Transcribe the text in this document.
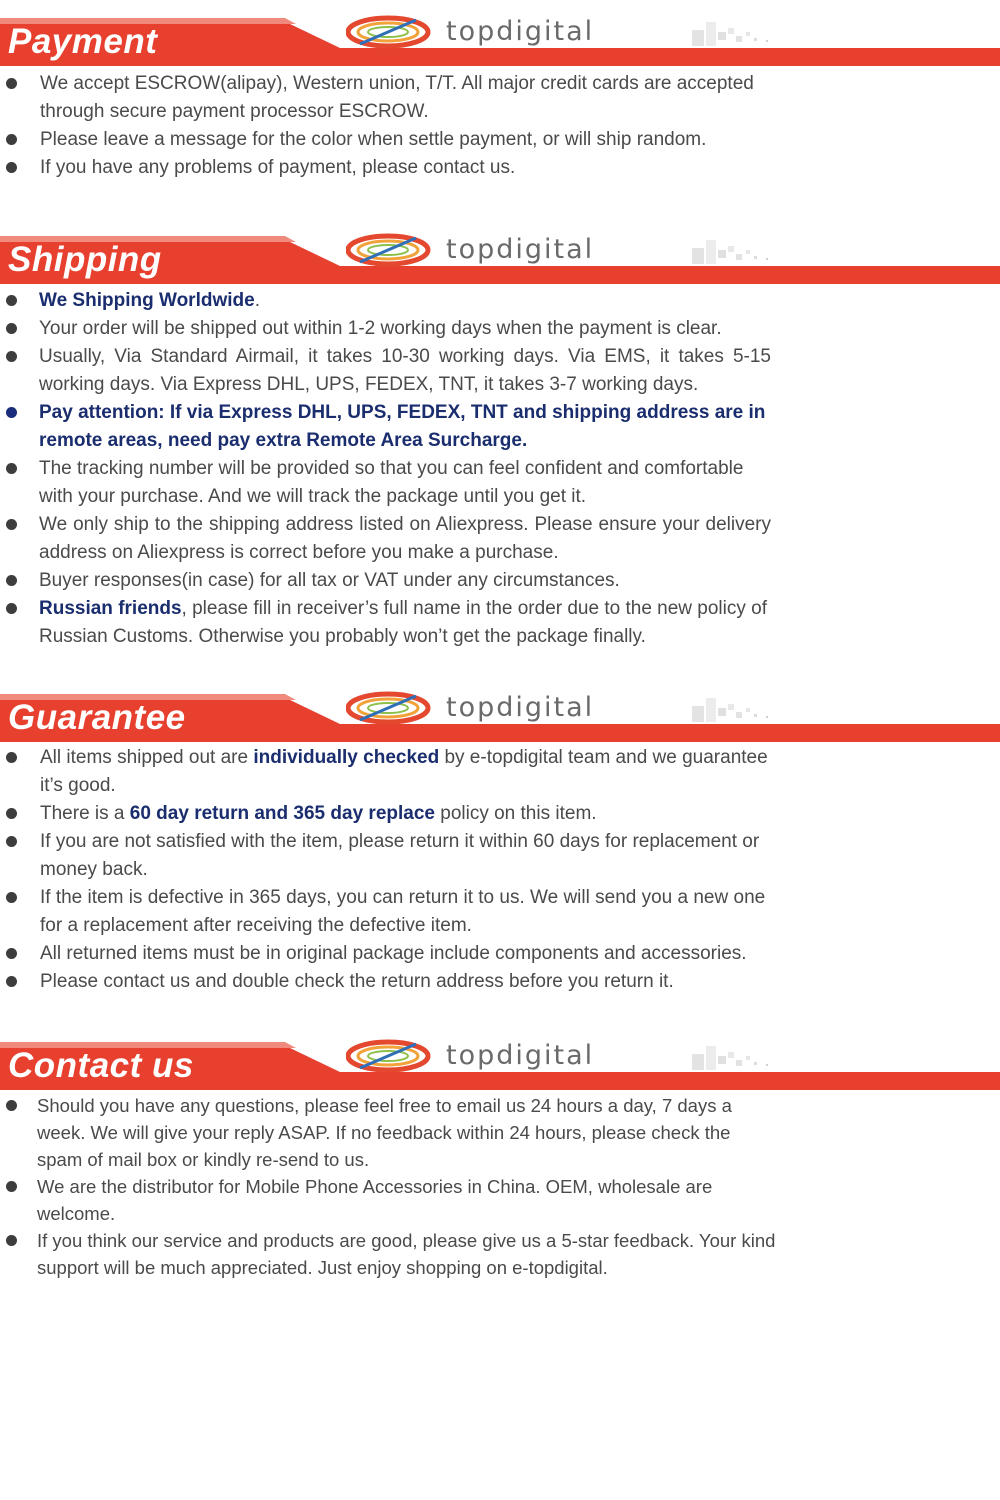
Payment	topdigital
We accept ESCROW(alipay), Western union, T/T. All major credit cards are accepted through secure payment processor ESCROW.
Please leave a message for the color when settle payment, or will ship random.
If you have any problems of payment, please contact us.
Shipping	topdigital
We Shipping Worldwide.
Your order will be shipped out within 1-2 working days when the payment is clear.
Usually, Via Standard Airmail, it takes 10-30 working days. Via EMS, it takes 5-15 working days. Via Express DHL, UPS, FEDEX, TNT, it takes 3-7 working days.
Pay attention: If via Express DHL, UPS, FEDEX, TNT and shipping address are in remote areas, need pay extra Remote Area Surcharge.
The tracking number will be provided so that you can feel confident and comfortable with your purchase. And we will track the package until you get it.
We only ship to the shipping address listed on Aliexpress. Please ensure your delivery address on Aliexpress is correct before you make a purchase.
Buyer responses(in case) for all tax or VAT under any circumstances.
Russian friends, please fill in receiver’s full name in the order due to the new policy of Russian Customs. Otherwise you probably won’t get the package finally.
Guarantee	topdigital
All items shipped out are individually checked by e-topdigital team and we guarantee it’s good.
There is a 60 day return and 365 day replace policy on this item.
If you are not satisfied with the item, please return it within 60 days for replacement or money back.
If the item is defective in 365 days, you can return it to us. We will send you a new one for a replacement after receiving the defective item.
All returned items must be in original package include components and accessories.
Please contact us and double check the return address before you return it.
Contact us	topdigital
Should you have any questions, please feel free to email us 24 hours a day, 7 days a week. We will give your reply ASAP. If no feedback within 24 hours, please check the spam of mail box or kindly re-send to us.
We are the distributor for Mobile Phone Accessories in China. OEM, wholesale are welcome.
If you think our service and products are good, please give us a 5-star feedback. Your kind support will be much appreciated. Just enjoy shopping on e-topdigital.
